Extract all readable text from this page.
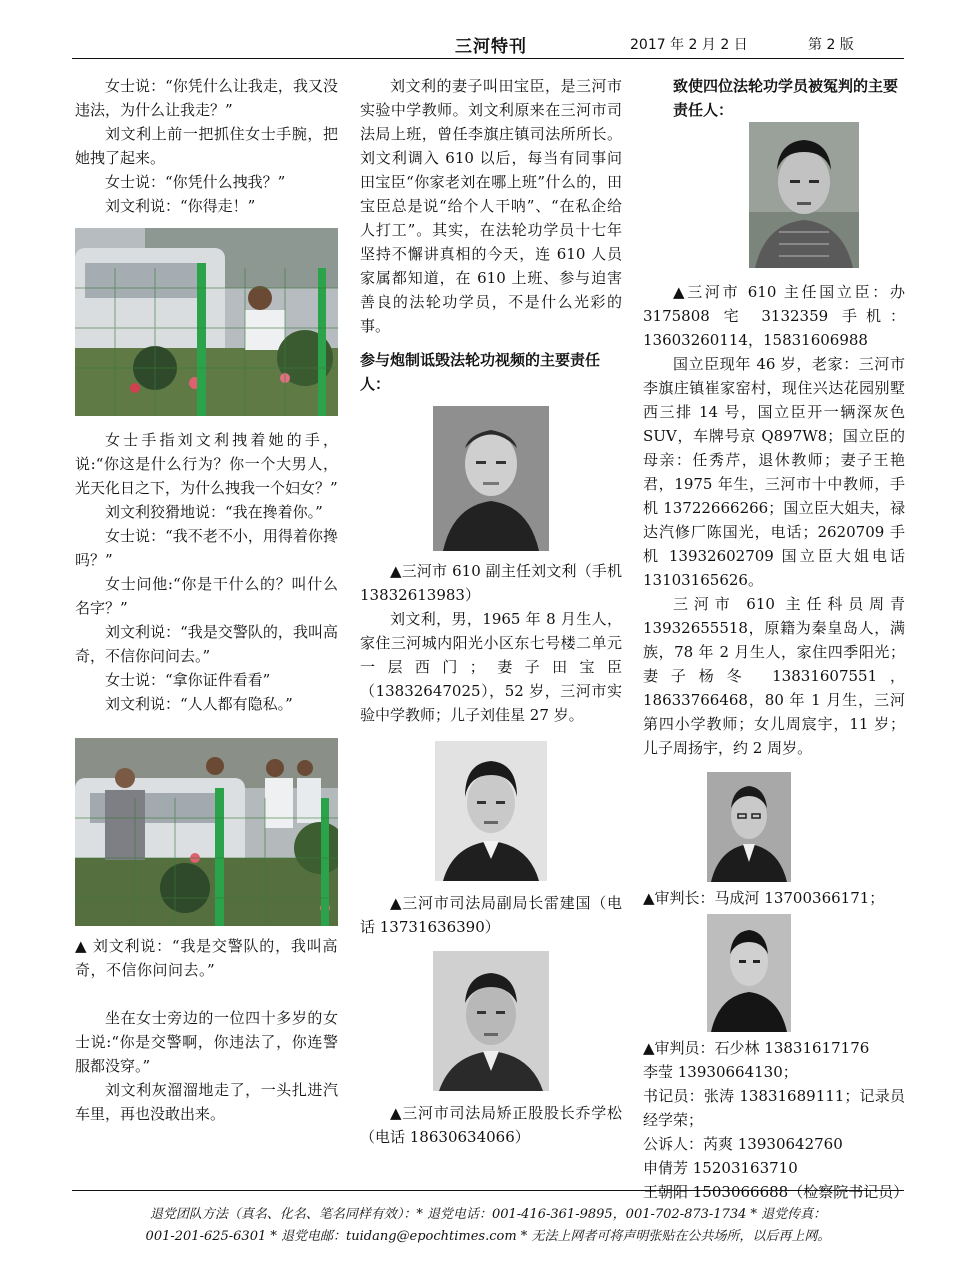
三河特刊	2017 年 2 月 2 日	第 2 版

女士说：“你凭什么让我走，我又没违法，为什么让我走？”

刘文利上前一把抓住女士手腕，把她拽了起来。

女士说：“你凭什么拽我？”

刘文利说：“你得走！”

女士手指刘文利拽着她的手，说:“你这是什么行为？你一个大男人，光天化日之下，为什么拽我一个妇女？”

刘文利狡猾地说：“我在搀着你。”

女士说：“我不老不小，用得着你搀吗？”

女士问他:“你是干什么的？叫什么名字？”

刘文利说：“我是交警队的，我叫高奇，不信你问问去。”

女士说：“拿你证件看看”

刘文利说：“人人都有隐私。”

▲ 刘文利说：“我是交警队的，我叫高奇，不信你问问去。”

坐在女士旁边的一位四十多岁的女士说:“你是交警啊，你违法了，你连警服都没穿。”

刘文利灰溜溜地走了，一头扎进汽车里，再也没敢出来。

刘文利的妻子叫田宝臣，是三河市实验中学教师。刘文利原来在三河市司法局上班，曾任李旗庄镇司法所所长。刘文利调入 610 以后，每当有同事问田宝臣“你家老刘在哪上班”什么的，田宝臣总是说“给个人干呐”、“在私企给人打工”。其实，在法轮功学员十七年坚持不懈讲真相的今天，连 610 人员家属都知道，在 610 上班、参与迫害善良的法轮功学员，不是什么光彩的事。

参与炮制诋毁法轮功视频的主要责任人：

▲三河市 610 副主任刘文利（手机 13832613983）

刘文利，男，1965 年 8 月生人，家住三河城内阳光小区东七号楼二单元一层西门；妻子田宝臣（13832647025），52 岁，三河市实验中学教师；儿子刘佳星 27 岁。

▲三河市司法局副局长雷建国（电话 13731636390）

▲三河市司法局矫正股股长乔学松（电话 18630634066）

致使四位法轮功学员被冤判的主要责任人：

▲三河市 610 主任国立臣：办 3175808 宅 3132359 手机：13603260114，15831606988

国立臣现年 46 岁，老家：三河市李旗庄镇崔家窑村，现住兴达花园别墅西三排 14 号，国立臣开一辆深灰色 SUV，车牌号京 Q897W8；国立臣的母亲：任秀芹，退休教师；妻子王艳君，1975 年生，三河市十中教师，手机 13722666266；国立臣大姐夫，禄达汽修厂陈国光，电话；2620709 手机 13932602709 国立臣大姐电话 13103165626。

三河市 610 主任科员周青 13932655518，原籍为秦皇岛人，满族，78 年 2 月生人，家住四季阳光；妻子杨冬 13831607551，18633766468，80 年 1 月生，三河第四小学教师；女儿周宸宇，11 岁；儿子周扬宇，约 2 周岁。

▲审判长：马成河 13700366171；

▲审判员：石少林 13831617176

李莹 13930664130；

书记员：张涛 13831689111；记录员经学荣；

公诉人：芮爽 13930642760

申倩芳 15203163710

王朝阳 1503066688（检察院书记员）

退党团队方法（真名、化名、笔名同样有效）：* 退党电话：001-416-361-9895，001-702-873-1734 * 退党传真：
001-201-625-6301 * 退党电邮：tuidang@epochtimes.com * 无法上网者可将声明张贴在公共场所，以后再上网。
